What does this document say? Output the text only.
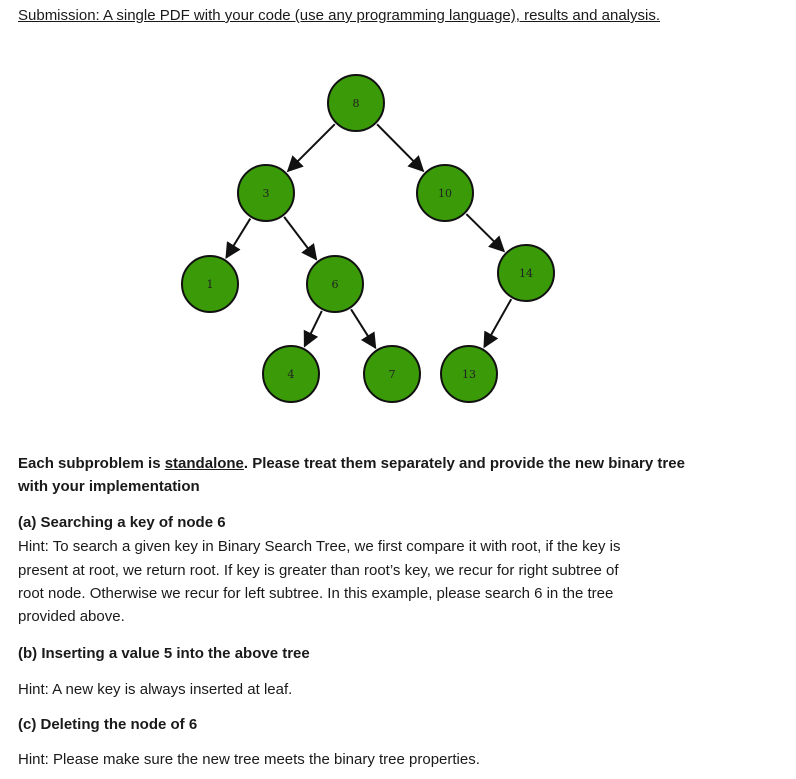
Submission: A single PDF with your code (use any programming language), results and analysis.
8
3	10
1	6
14
4	7	13
Each subproblem is standalone. Please treat them separately and provide the new binary tree
with your implementation
(a) Searching a key of node 6
Hint: To search a given key in Binary Search Tree, we first compare it with root, if the key is
present at root, we return root. If key is greater than root’s key, we recur for right subtree of
root node. Otherwise we recur for left subtree. In this example, please search 6 in the tree
provided above.
(b) Inserting a value 5 into the above tree
Hint: A new key is always inserted at leaf.
(c) Deleting the node of 6
Hint: Please make sure the new tree meets the binary tree properties.
